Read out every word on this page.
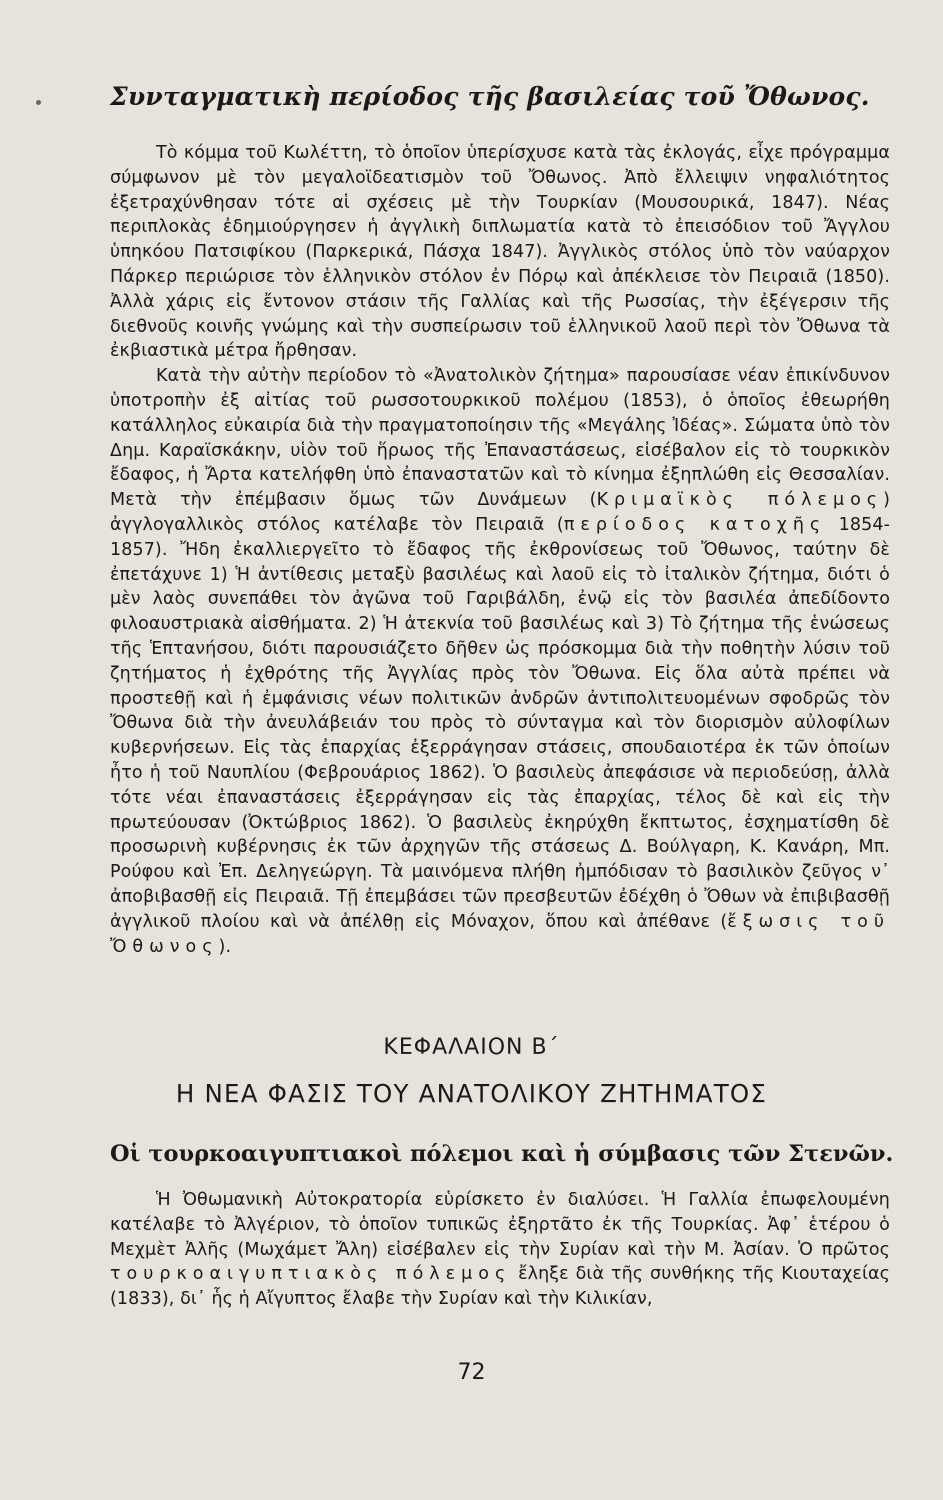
Συνταγματικὴ περίοδος τῆς βασιλείας τοῦ Ὄθωνος.

Τὸ κόμμα τοῦ Κωλέττη, τὸ ὁποῖον ὑπερίσχυσε κατὰ τὰς ἐκλογάς, εἶχε πρόγραμμα σύμφωνον μὲ τὸν μεγαλοϊδεατισμὸν τοῦ Ὄθωνος. Ἀπὸ ἔλλειψιν νηφαλιότητος ἐξετραχύνθησαν τότε αἱ σχέσεις μὲ τὴν Τουρκίαν (Μουσουρικά, 1847). Νέας περιπλοκὰς ἐδημιούργησεν ἡ ἀγγλικὴ διπλωματία κατὰ τὸ ἐπεισόδιον τοῦ Ἄγγλου ὑπηκόου Πατσιφίκου (Παρκερικά, Πάσχα 1847). Ἀγγλικὸς στόλος ὑπὸ τὸν ναύαρχον Πάρκερ περιώρισε τὸν ἑλληνικὸν στόλον ἐν Πόρῳ καὶ ἀπέκλεισε τὸν Πειραιᾶ (1850). Ἀλλὰ χάρις εἰς ἔντονον στάσιν τῆς Γαλλίας καὶ τῆς Ρωσσίας, τὴν ἐξέγερσιν τῆς διεθνοῦς κοινῆς γνώμης καὶ τὴν συσπείρωσιν τοῦ ἑλληνικοῦ λαοῦ περὶ τὸν Ὄθωνα τὰ ἐκβιαστικὰ μέτρα ἤρθησαν.

Κατὰ τὴν αὐτὴν περίοδον τὸ «Ἀνατολικὸν ζήτημα» παρουσίασε νέαν ἐπικίνδυνον ὑποτροπὴν ἐξ αἰτίας τοῦ ρωσσοτουρκικοῦ πολέμου (1853), ὁ ὁποῖος ἐθεωρήθη κατάλληλος εὐκαιρία διὰ τὴν πραγματοποίησιν τῆς «Μεγάλης Ἰδέας». Σώματα ὑπὸ τὸν Δημ. Καραϊσκάκην, υἱὸν τοῦ ἥρωος τῆς Ἐπαναστάσεως, εἰσέβαλον εἰς τὸ τουρκικὸν ἔδαφος, ἡ Ἄρτα κατελήφθη ὑπὸ ἐπαναστατῶν καὶ τὸ κίνημα ἐξηπλώθη εἰς Θεσσαλίαν. Μετὰ τὴν ἐπέμβασιν ὅμως τῶν Δυνάμεων (Κριμαϊκὸς πόλεμος) ἀγγλογαλλικὸς στόλος κατέλαβε τὸν Πειραιᾶ (περίοδος κατοχῆς 1854-1857). Ἤδη ἐκαλλιεργεῖτο τὸ ἔδαφος τῆς ἐκθρονίσεως τοῦ Ὄθωνος, ταύτην δὲ ἐπετάχυνε 1) Ἡ ἀντίθεσις μεταξὺ βασιλέως καὶ λαοῦ εἰς τὸ ἰταλικὸν ζήτημα, διότι ὁ μὲν λαὸς συνεπάθει τὸν ἀγῶνα τοῦ Γαριβάλδη, ἐνῷ εἰς τὸν βασιλέα ἀπεδίδοντο φιλοαυστριακὰ αἰσθήματα. 2) Ἡ ἀτεκνία τοῦ βασιλέως καὶ 3) Τὸ ζήτημα τῆς ἑνώσεως τῆς Ἑπτανήσου, διότι παρουσιάζετο δῆθεν ὡς πρόσκομμα διὰ τὴν ποθητὴν λύσιν τοῦ ζητήματος ἡ ἐχθρότης τῆς Ἀγγλίας πρὸς τὸν Ὄθωνα. Εἰς ὅλα αὐτὰ πρέπει νὰ προστεθῇ καὶ ἡ ἐμφάνισις νέων πολιτικῶν ἀνδρῶν ἀντιπολιτευομένων σφοδρῶς τὸν Ὄθωνα διὰ τὴν ἀνευλάβειάν του πρὸς τὸ σύνταγμα καὶ τὸν διορισμὸν αὐλοφίλων κυβερνήσεων. Εἰς τὰς ἐπαρχίας ἐξερράγησαν στάσεις, σπουδαιοτέρα ἐκ τῶν ὁποίων ἦτο ἡ τοῦ Ναυπλίου (Φεβρουάριος 1862). Ὁ βασιλεὺς ἀπεφάσισε νὰ περιοδεύσῃ, ἀλλὰ τότε νέαι ἐπαναστάσεις ἐξερράγησαν εἰς τὰς ἐπαρχίας, τέλος δὲ καὶ εἰς τὴν πρωτεύουσαν (Ὀκτώβριος 1862). Ὁ βασιλεὺς ἐκηρύχθη ἔκπτωτος, ἐσχηματίσθη δὲ προσωρινὴ κυβέρνησις ἐκ τῶν ἀρχηγῶν τῆς στάσεως Δ. Βούλγαρη, Κ. Κανάρη, Μπ. Ρούφου καὶ Ἐπ. Δεληγεώργη. Τὰ μαινόμενα πλήθη ἠμπόδισαν τὸ βασιλικὸν ζεῦγος ν᾽ ἀποβιβασθῇ εἰς Πειραιᾶ. Τῇ ἐπεμβάσει τῶν πρεσβευτῶν ἐδέχθη ὁ Ὄθων νὰ ἐπιβιβασθῇ ἀγγλικοῦ πλοίου καὶ νὰ ἀπέλθῃ εἰς Μόναχον, ὅπου καὶ ἀπέθανε (ἔξωσις τοῦ Ὄθωνος).

ΚΕΦΑΛΑΙΟΝ Β΄
Η ΝΕΑ ΦΑΣΙΣ ΤΟΥ ΑΝΑΤΟΛΙΚΟΥ ΖΗΤΗΜΑΤΟΣ
Οἱ τουρκοαιγυπτιακοὶ πόλεμοι καὶ ἡ σύμβασις τῶν Στενῶν.

Ἡ Ὀθωμανικὴ Αὐτοκρατορία εὑρίσκετο ἐν διαλύσει. Ἡ Γαλλία ἐπωφελουμένη κατέλαβε τὸ Ἀλγέριον, τὸ ὁποῖον τυπικῶς ἐξηρτᾶτο ἐκ τῆς Τουρκίας. Ἀφ᾽ ἑτέρου ὁ Μεχμὲτ Ἀλῆς (Μωχάμετ Ἄλη) εἰσέβαλεν εἰς τὴν Συρίαν καὶ τὴν Μ. Ἀσίαν. Ὁ πρῶτος τουρκοαιγυπτιακὸς πόλεμος ἔληξε διὰ τῆς συνθήκης τῆς Κιουταχείας (1833), δι᾽ ἧς ἡ Αἴγυπτος ἔλαβε τὴν Συρίαν καὶ τὴν Κιλικίαν,

72
